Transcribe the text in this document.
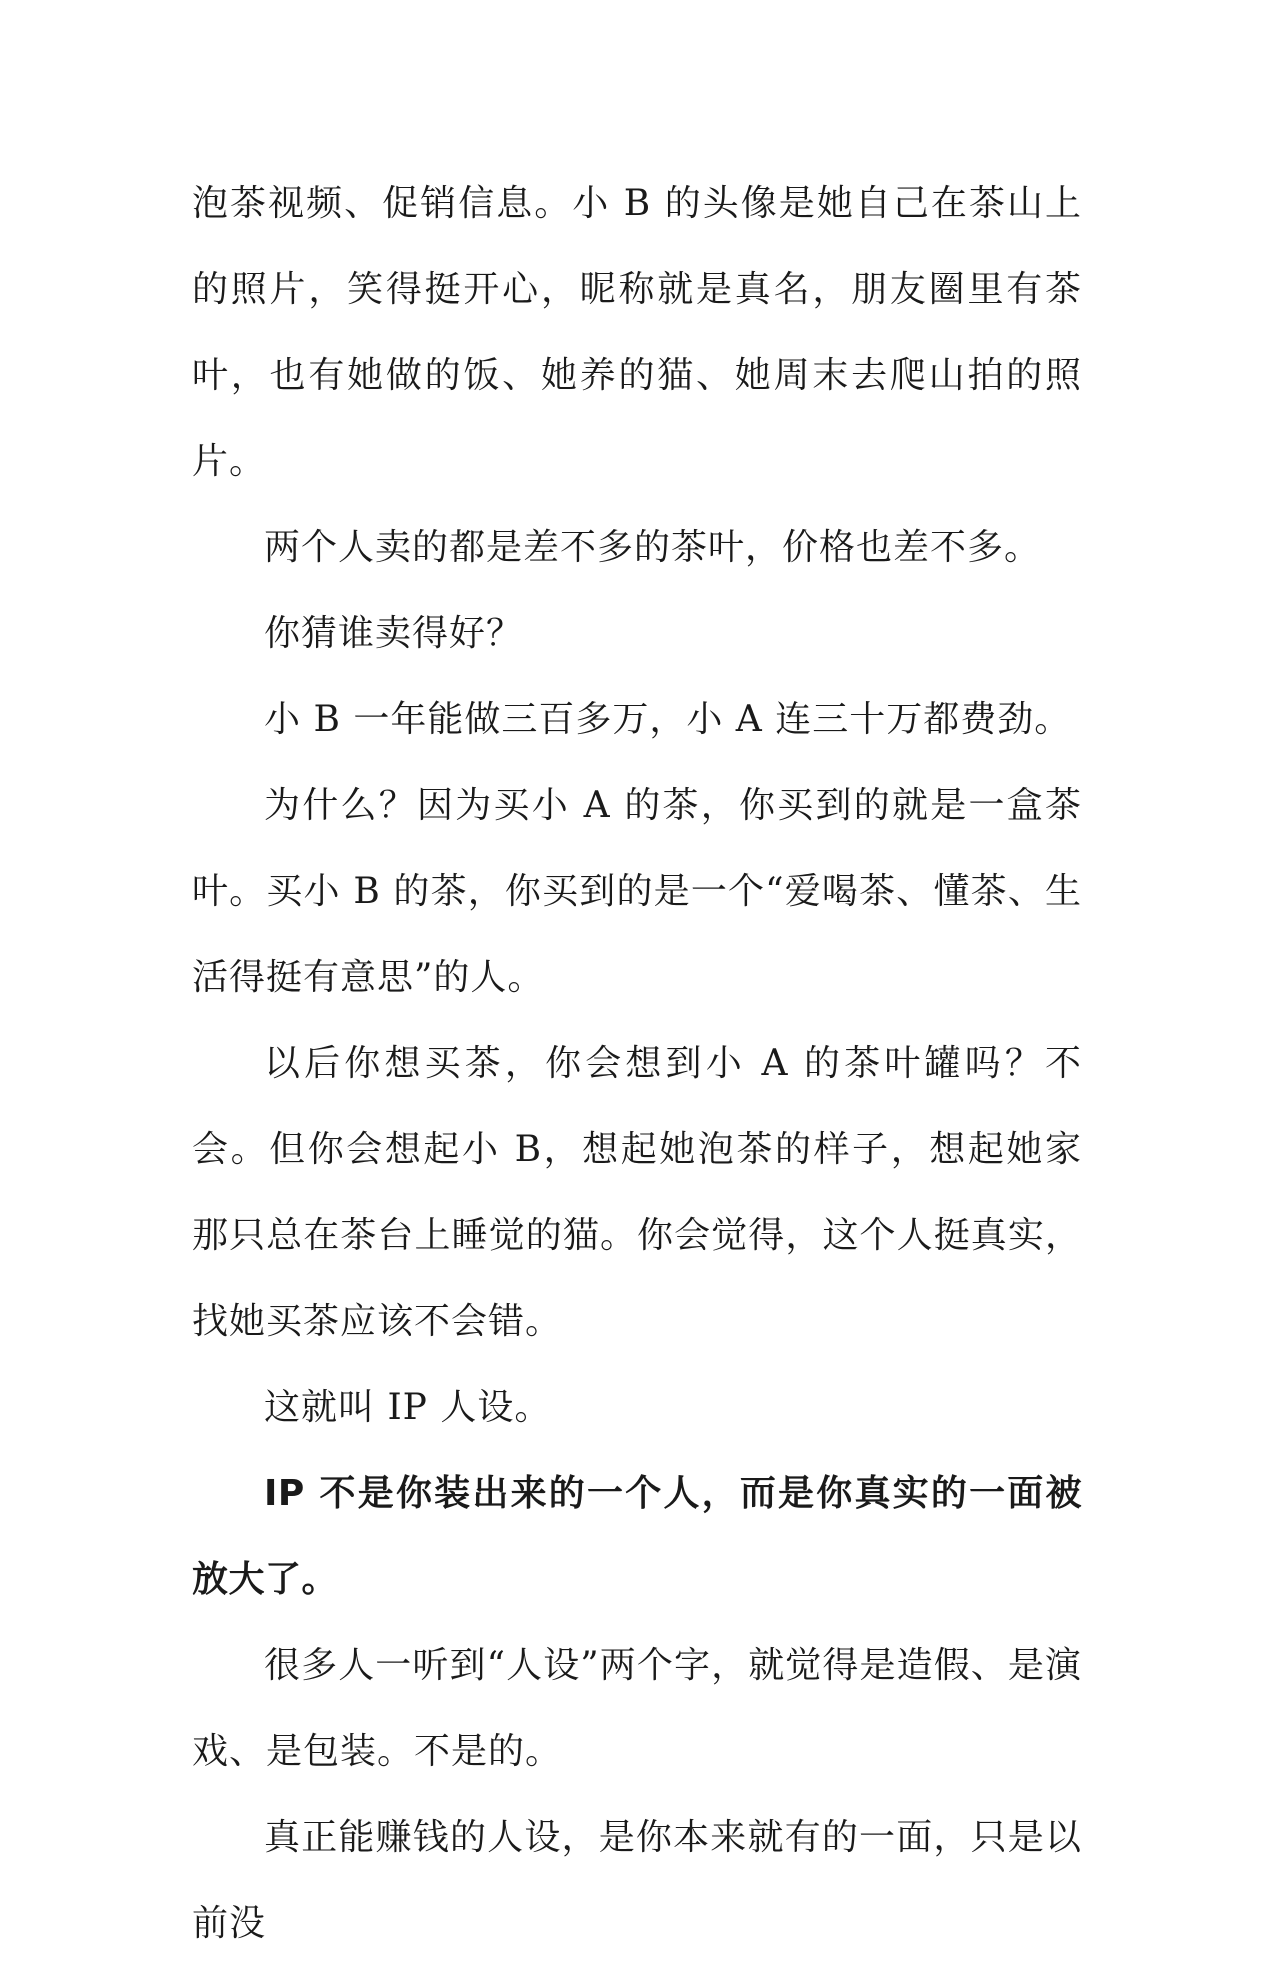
泡茶视频、促销信息。小 B 的头像是她自己在茶山上的照片，笑得挺开心，昵称就是真名，朋友圈里有茶叶，也有她做的饭、她养的猫、她周末去爬山拍的照片。

两个人卖的都是差不多的茶叶，价格也差不多。

你猜谁卖得好？

小 B 一年能做三百多万，小 A 连三十万都费劲。

为什么？因为买小 A 的茶，你买到的就是一盒茶叶。买小 B 的茶，你买到的是一个“爱喝茶、懂茶、生活得挺有意思”的人。

以后你想买茶，你会想到小 A 的茶叶罐吗？不会。但你会想起小 B，想起她泡茶的样子，想起她家那只总在茶台上睡觉的猫。你会觉得，这个人挺真实，找她买茶应该不会错。

这就叫 IP 人设。

IP 不是你装出来的一个人，而是你真实的一面被放大了。

很多人一听到“人设”两个字，就觉得是造假、是演戏、是包装。不是的。

真正能赚钱的人设，是你本来就有的一面，只是以前没
